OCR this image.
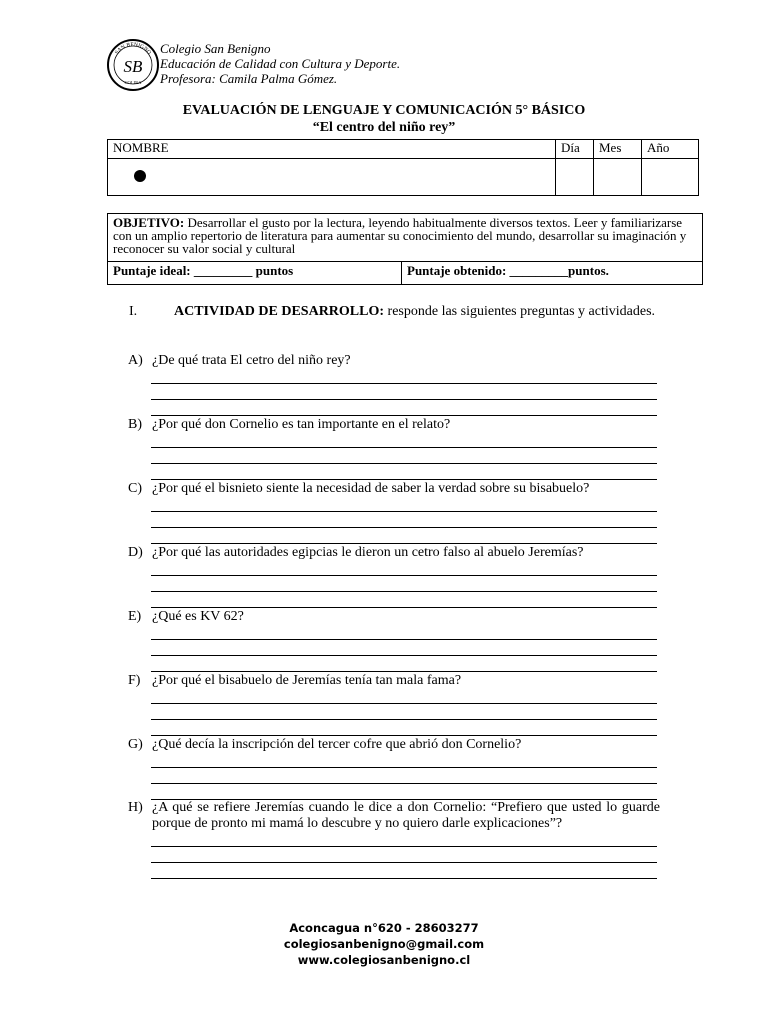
SAN BENIGNO
SB
COLINA
Colegio San Benigno
Educación de Calidad con Cultura y Deporte.
Profesora: Camila Palma Gómez.
EVALUACIÓN DE LENGUAJE Y COMUNICACIÓN 5° BÁSICO
“El centro del niño rey”
NOMBRE	Día	Mes	Año

OBJETIVO: Desarrollar el gusto por la lectura, leyendo habitualmente diversos textos. Leer y familiarizarse con un amplio repertorio de literatura para aumentar su conocimiento del mundo, desarrollar su imaginación y reconocer su valor social y cultural
Puntaje ideal: _________ puntos	Puntaje obtenido: _________puntos.
I.	ACTIVIDAD DE DESARROLLO: responde las siguientes preguntas y actividades.
A) ¿De qué trata El cetro del niño rey?
B) ¿Por qué don Cornelio es tan importante en el relato?
C) ¿Por qué el bisnieto siente la necesidad de saber la verdad sobre su bisabuelo?
D) ¿Por qué las autoridades egipcias le dieron un cetro falso al abuelo Jeremías?
E) ¿Qué es KV 62?
F) ¿Por qué el bisabuelo de Jeremías tenía tan mala fama?
G) ¿Qué decía la inscripción del tercer cofre que abrió don Cornelio?
H) ¿A qué se refiere Jeremías cuando le dice a don Cornelio: “Prefiero que usted lo guarde porque de pronto mi mamá lo descubre y no quiero darle explicaciones”?
Aconcagua n°620 - 28603277
colegiosanbenigno@gmail.com
www.colegiosanbenigno.cl
